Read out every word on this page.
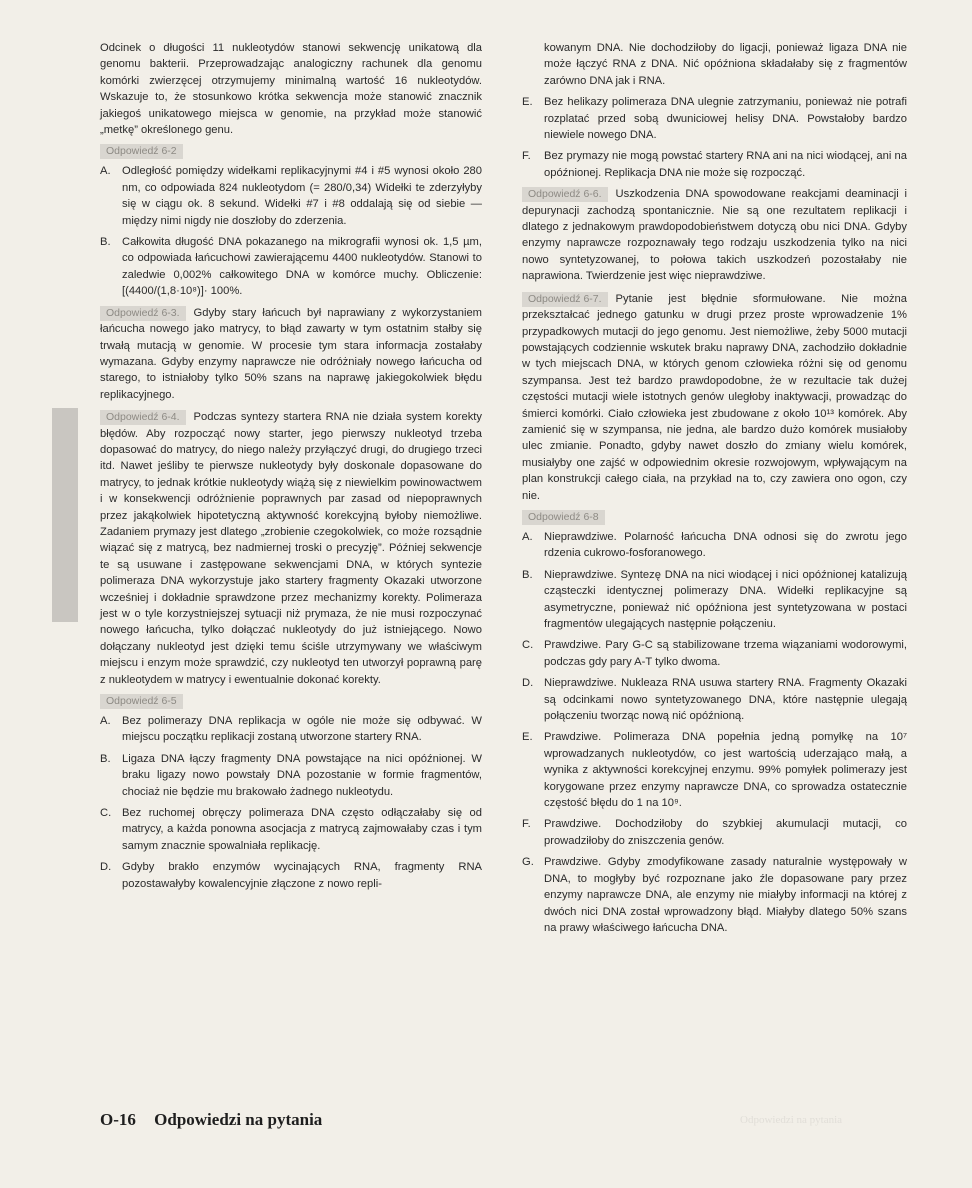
Odcinek o długości 11 nukleotydów stanowi sekwencję unikatową dla genomu bakterii. Przeprowadzając analogiczny rachunek dla genomu komórki zwierzęcej otrzymujemy minimalną wartość 16 nukleotydów. Wskazuje to, że stosunkowo krótka sekwencja może stanowić znacznik jakiegoś unikatowego miejsca w genomie, na przykład może stanowić „metkę” określonego genu.

Odpowiedź 6-2
A. Odległość pomiędzy widełkami replikacyjnymi #4 i #5 wynosi około 280 nm, co odpowiada 824 nukleotydom (= 280/0,34) Widełki te zderzyłyby się w ciągu ok. 8 sekund. Widełki #7 i #8 oddalają się od siebie — między nimi nigdy nie doszłoby do zderzenia.
B. Całkowita długość DNA pokazanego na mikrografii wynosi ok. 1,5 µm, co odpowiada łańcuchowi zawierającemu 4400 nukleotydów. Stanowi to zaledwie 0,002% całkowitego DNA w komórce muchy. Obliczenie: [(4400/(1,8·10⁸)]· 100%.

Odpowiedź 6-3. Gdyby stary łańcuch był naprawiany z wykorzystaniem łańcucha nowego jako matrycy, to błąd zawarty w tym ostatnim stałby się trwałą mutacją w genomie. W procesie tym stara informacja zostałaby wymazana. Gdyby enzymy naprawcze nie odróżniały nowego łańcucha od starego, to istniałoby tylko 50% szans na naprawę jakiegokolwiek błędu replikacyjnego.

Odpowiedź 6-4. Podczas syntezy startera RNA nie działa system korekty błędów. Aby rozpocząć nowy starter, jego pierwszy nukleotyd trzeba dopasować do matrycy, do niego należy przyłączyć drugi, do drugiego trzeci itd. Nawet jeśliby te pierwsze nukleotydy były doskonale dopasowane do matrycy, to jednak krótkie nukleotydy wiążą się z niewielkim powinowactwem i w konsekwencji odróżnienie poprawnych par zasad od niepoprawnych przez jakąkolwiek hipotetyczną aktywność korekcyjną byłoby niemożliwe. Zadaniem prymazy jest dlatego „zrobienie czegokolwiek, co może rozsądnie wiązać się z matrycą, bez nadmiernej troski o precyzję”. Później sekwencje te są usuwane i zastępowane sekwencjami DNA, w których syntezie polimeraza DNA wykorzystuje jako startery fragmenty Okazaki utworzone wcześniej i dokładnie sprawdzone przez mechanizmy korekty. Polimeraza jest w o tyle korzystniejszej sytuacji niż prymaza, że nie musi rozpoczynać nowego łańcucha, tylko dołączać nukleotydy do już istniejącego. Nowo dołączany nukleotyd jest dzięki temu ściśle utrzymywany we właściwym miejscu i enzym może sprawdzić, czy nukleotyd ten utworzył poprawną parę z nukleotydem w matrycy i ewentualnie dokonać korekty.

Odpowiedź 6-5
A. Bez polimerazy DNA replikacja w ogóle nie może się odbywać. W miejscu początku replikacji zostaną utworzone startery RNA.
B. Ligaza DNA łączy fragmenty DNA powstające na nici opóźnionej. W braku ligazy nowo powstały DNA pozostanie w formie fragmentów, chociaż nie będzie mu brakowało żadnego nukleotydu.
C. Bez ruchomej obręczy polimeraza DNA często odłączałaby się od matrycy, a każda ponowna asocjacja z matrycą zajmowałaby czas i tym samym znacznie spowalniała replikację.
D. Gdyby brakło enzymów wycinających RNA, fragmenty RNA pozostawałyby kowalencyjnie złączone z nowo repli-
kowanym DNA. Nie dochodziłoby do ligacji, ponieważ ligaza DNA nie może łączyć RNA z DNA. Nić opóźniona składałaby się z fragmentów zarówno DNA jak i RNA.
E. Bez helikazy polimeraza DNA ulegnie zatrzymaniu, ponieważ nie potrafi rozplatać przed sobą dwuniciowej helisy DNA. Powstałoby bardzo niewiele nowego DNA.
F. Bez prymazy nie mogą powstać startery RNA ani na nici wiodącej, ani na opóźnionej. Replikacja DNA nie może się rozpocząć.

Odpowiedź 6-6. Uszkodzenia DNA spowodowane reakcjami deaminacji i depurynacji zachodzą spontanicznie. Nie są one rezultatem replikacji i dlatego z jednakowym prawdopodobieństwem dotyczą obu nici DNA. Gdyby enzymy naprawcze rozpoznawały tego rodzaju uszkodzenia tylko na nici nowo syntetyzowanej, to połowa takich uszkodzeń pozostałaby nie naprawiona. Twierdzenie jest więc nieprawdziwe.

Odpowiedź 6-7. Pytanie jest błędnie sformułowane. Nie można przekształcać jednego gatunku w drugi przez proste wprowadzenie 1% przypadkowych mutacji do jego genomu. Jest niemożliwe, żeby 5000 mutacji powstających codziennie wskutek braku naprawy DNA, zachodziło dokładnie w tych miejscach DNA, w których genom człowieka różni się od genomu szympansa. Jest też bardzo prawdopodobne, że w rezultacie tak dużej częstości mutacji wiele istotnych genów uległoby inaktywacji, prowadząc do śmierci komórki. Ciało człowieka jest zbudowane z około 10¹³ komórek. Aby zamienić się w szympansa, nie jedna, ale bardzo dużo komórek musiałoby ulec zmianie. Ponadto, gdyby nawet doszło do zmiany wielu komórek, musiałyby one zajść w odpowiednim okresie rozwojowym, wpływającym na plan konstrukcji całego ciała, na przykład na to, czy zawiera ono ogon, czy nie.

Odpowiedź 6-8
A. Nieprawdziwe. Polarność łańcucha DNA odnosi się do zwrotu jego rdzenia cukrowo-fosforanowego.
B. Nieprawdziwe. Syntezę DNA na nici wiodącej i nici opóźnionej katalizują cząsteczki identycznej polimerazy DNA. Widełki replikacyjne są asymetryczne, ponieważ nić opóźniona jest syntetyzowana w postaci fragmentów ulegających następnie połączeniu.
C. Prawdziwe. Pary G-C są stabilizowane trzema wiązaniami wodorowymi, podczas gdy pary A-T tylko dwoma.
D. Nieprawdziwe. Nukleaza RNA usuwa startery RNA. Fragmenty Okazaki są odcinkami nowo syntetyzowanego DNA, które następnie ulegają połączeniu tworząc nową nić opóźnioną.
E. Prawdziwe. Polimeraza DNA popełnia jedną pomyłkę na 10⁷ wprowadzanych nukleotydów, co jest wartością uderzająco małą, a wynika z aktywności korekcyjnej enzymu. 99% pomyłek polimerazy jest korygowane przez enzymy naprawcze DNA, co sprowadza ostatecznie częstość błędu do 1 na 10⁹.
F. Prawdziwe. Dochodziłoby do szybkiej akumulacji mutacji, co prowadziłoby do zniszczenia genów.
G. Prawdziwe. Gdyby zmodyfikowane zasady naturalnie występowały w DNA, to mogłyby być rozpoznane jako źle dopasowane pary przez enzymy naprawcze DNA, ale enzymy nie miałyby informacji na której z dwóch nici DNA został wprowadzony błąd. Miałyby dlatego 50% szans na prawy właściwego łańcucha DNA.
O-16 Odpowiedzi na pytania	Odpowiedzi na pytania
